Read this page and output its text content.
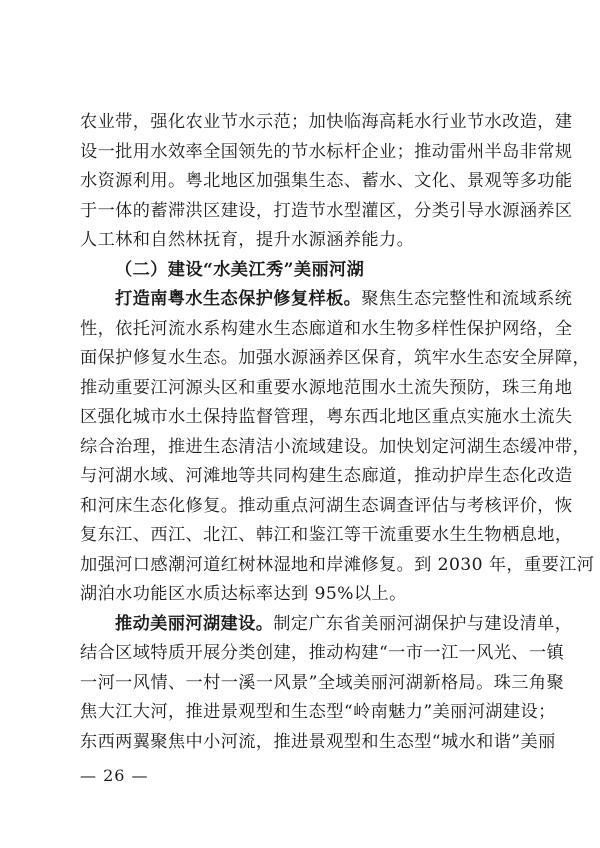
农业带，强化农业节水示范；加快临海高耗水行业节水改造，建
设一批用水效率全国领先的节水标杆企业；推动雷州半岛非常规
水资源利用。粤北地区加强集生态、蓄水、文化、景观等多功能
于一体的蓄滞洪区建设，打造节水型灌区，分类引导水源涵养区
人工林和自然林抚育，提升水源涵养能力。
（二）建设“水美江秀”美丽河湖
打造南粤水生态保护修复样板。聚焦生态完整性和流域系统
性，依托河流水系构建水生态廊道和水生物多样性保护网络，全
面保护修复水生态。加强水源涵养区保育，筑牢水生态安全屏障，
推动重要江河源头区和重要水源地范围水土流失预防，珠三角地
区强化城市水土保持监督管理，粤东西北地区重点实施水土流失
综合治理，推进生态清洁小流域建设。加快划定河湖生态缓冲带，
与河湖水域、河滩地等共同构建生态廊道，推动护岸生态化改造
和河床生态化修复。推动重点河湖生态调查评估与考核评价，恢
复东江、西江、北江、韩江和鉴江等干流重要水生生物栖息地，
加强河口感潮河道红树林湿地和岸滩修复。到 2030 年，重要江河
湖泊水功能区水质达标率达到 95%以上。
推动美丽河湖建设。制定广东省美丽河湖保护与建设清单，
结合区域特质开展分类创建，推动构建“一市一江一风光、一镇
一河一风情、一村一溪一风景”全域美丽河湖新格局。珠三角聚
焦大江大河，推进景观型和生态型“岭南魅力”美丽河湖建设；
东西两翼聚焦中小河流，推进景观型和生态型“城水和谐”美丽
— 26 —
